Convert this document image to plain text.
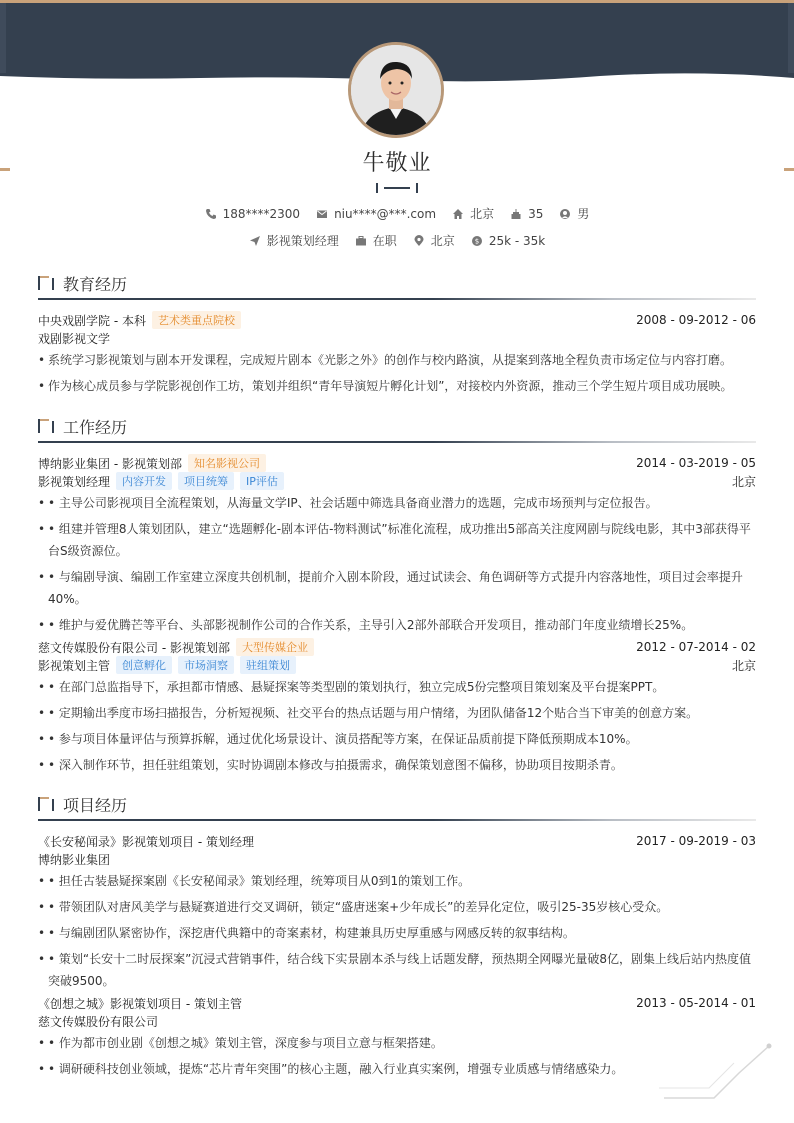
牛敬业
188****2300	niu****@***.com	北京	35	男
影视策划经理	在职	北京	$ 25k - 35k
教育经历
中央戏剧学院 - 本科	艺术类重点院校	2008 - 09-2012 - 06
戏剧影视文学
• 系统学习影视策划与剧本开发课程，完成短片剧本《光影之外》的创作与校内路演，从提案到落地全程负责市场定位与内容打磨。
• 作为核心成员参与学院影视创作工坊，策划并组织“青年导演短片孵化计划”，对接校内外资源，推动三个学生短片项目成功展映。
工作经历
博纳影业集团 - 影视策划部	知名影视公司	2014 - 03-2019 - 05
影视策划经理	内容开发	项目统筹	IP评估	北京
• • 主导公司影视项目全流程策划，从海量文学IP、社会话题中筛选具备商业潜力的选题，完成市场预判与定位报告。
• • 组建并管理8人策划团队，建立“选题孵化-剧本评估-物料测试”标准化流程，成功推出5部高关注度网剧与院线电影，其中3部获得平台S级资源位。
• • 与编剧导演、编剧工作室建立深度共创机制，提前介入剧本阶段，通过试读会、角色调研等方式提升内容落地性，项目过会率提升40%。
• • 维护与爱优腾芒等平台、头部影视制作公司的合作关系，主导引入2部外部联合开发项目，推动部门年度业绩增长25%。
慈文传媒股份有限公司 - 影视策划部	大型传媒企业	2012 - 07-2014 - 02
影视策划主管	创意孵化	市场洞察	驻组策划	北京
• • 在部门总监指导下，承担都市情感、悬疑探案等类型剧的策划执行，独立完成5份完整项目策划案及平台提案PPT。
• • 定期输出季度市场扫描报告，分析短视频、社交平台的热点话题与用户情绪，为团队储备12个贴合当下审美的创意方案。
• • 参与项目体量评估与预算拆解，通过优化场景设计、演员搭配等方案，在保证品质前提下降低预期成本10%。
• • 深入制作环节，担任驻组策划，实时协调剧本修改与拍摄需求，确保策划意图不偏移，协助项目按期杀青。
项目经历
《长安秘闻录》影视策划项目 - 策划经理	2017 - 09-2019 - 03
博纳影业集团
• • 担任古装悬疑探案剧《长安秘闻录》策划经理，统筹项目从0到1的策划工作。
• • 带领团队对唐风美学与悬疑赛道进行交叉调研，锁定“盛唐迷案+少年成长”的差异化定位，吸引25-35岁核心受众。
• • 与编剧团队紧密协作，深挖唐代典籍中的奇案素材，构建兼具历史厚重感与网感反转的叙事结构。
• • 策划“长安十二时辰探案”沉浸式营销事件，结合线下实景剧本杀与线上话题发酵，预热期全网曝光量破8亿，剧集上线后站内热度值突破9500。
《创想之城》影视策划项目 - 策划主管	2013 - 05-2014 - 01
慈文传媒股份有限公司
• • 作为都市创业剧《创想之城》策划主管，深度参与项目立意与框架搭建。
• • 调研硬科技创业领域，提炼“芯片青年突围”的核心主题，融入行业真实案例，增强专业质感与情绪感染力。
